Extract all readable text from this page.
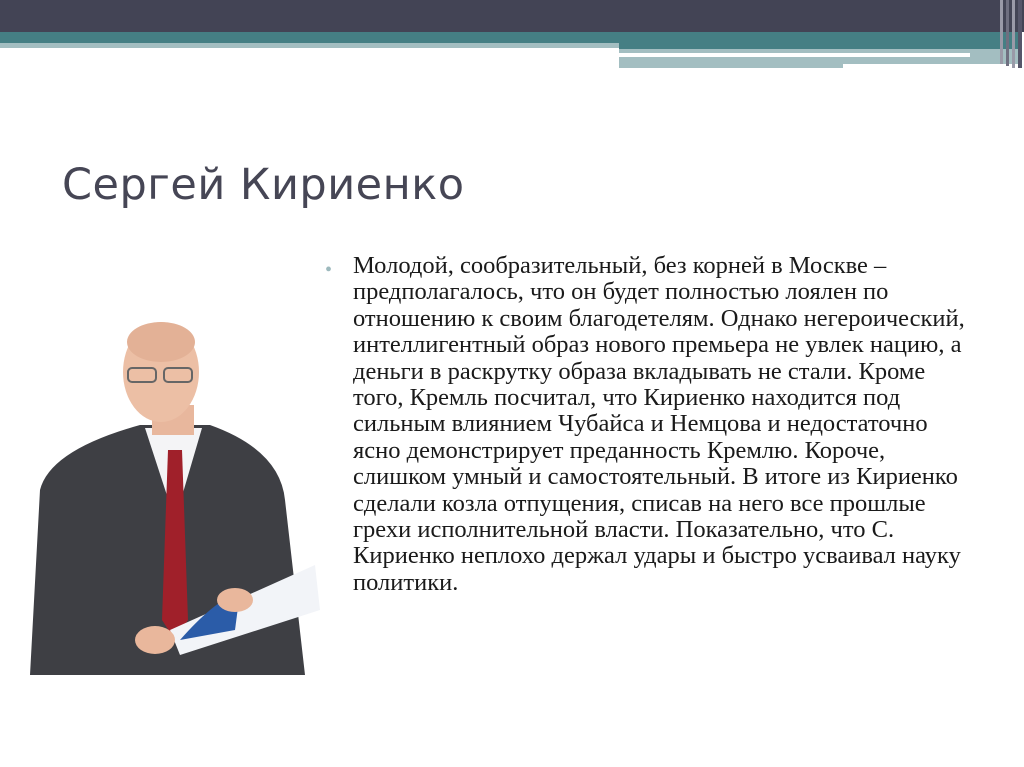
Сергей Кириенко
• Молодой, сообразительный, без корней в Москве – предполагалось, что он будет полностью лоялен по отношению к своим благодетелям. Однако негероический, интеллигентный образ нового премьера не увлек нацию, а деньги в раскрутку образа вкладывать не стали. Кроме того, Кремль посчитал, что Кириенко находится под сильным влиянием Чубайса и Немцова и недостаточно ясно демонстрирует преданность Кремлю. Короче, слишком умный и самостоятельный. В итоге из Кириенко сделали козла отпущения, списав на него все прошлые грехи исполнительной власти. Показательно, что С. Кириенко неплохо держал удары и быстро усваивал науку политики.
